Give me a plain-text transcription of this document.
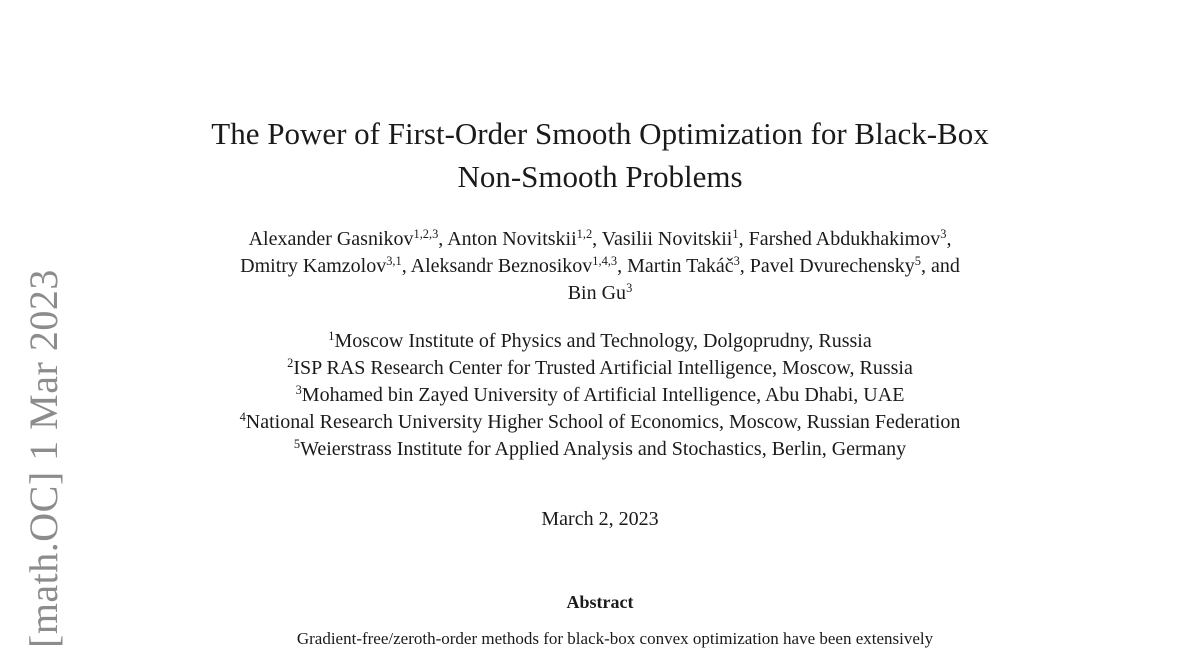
[math.OC] 1 Mar 2023
The Power of First-Order Smooth Optimization for Black-Box
Non-Smooth Problems
Alexander Gasnikov$^{1,2,3}$, Anton Novitskii$^{1,2}$, Vasilii Novitskii$^1$, Farshed Abdukhakimov$^3$,
Dmitry Kamzolov$^{3,1}$, Aleksandr Beznosikov$^{1,4,3}$, Martin Takáč$^3$, Pavel Dvurechensky$^5$, and
Bin Gu$^3$
$^1$Moscow Institute of Physics and Technology, Dolgoprudny, Russia
$^2$ISP RAS Research Center for Trusted Artificial Intelligence, Moscow, Russia
$^3$Mohamed bin Zayed University of Artificial Intelligence, Abu Dhabi, UAE
$^4$National Research University Higher School of Economics, Moscow, Russian Federation
$^5$Weierstrass Institute for Applied Analysis and Stochastics, Berlin, Germany
March 2, 2023
Abstract
Gradient-free/zeroth-order methods for black-box convex optimization have been extensively
